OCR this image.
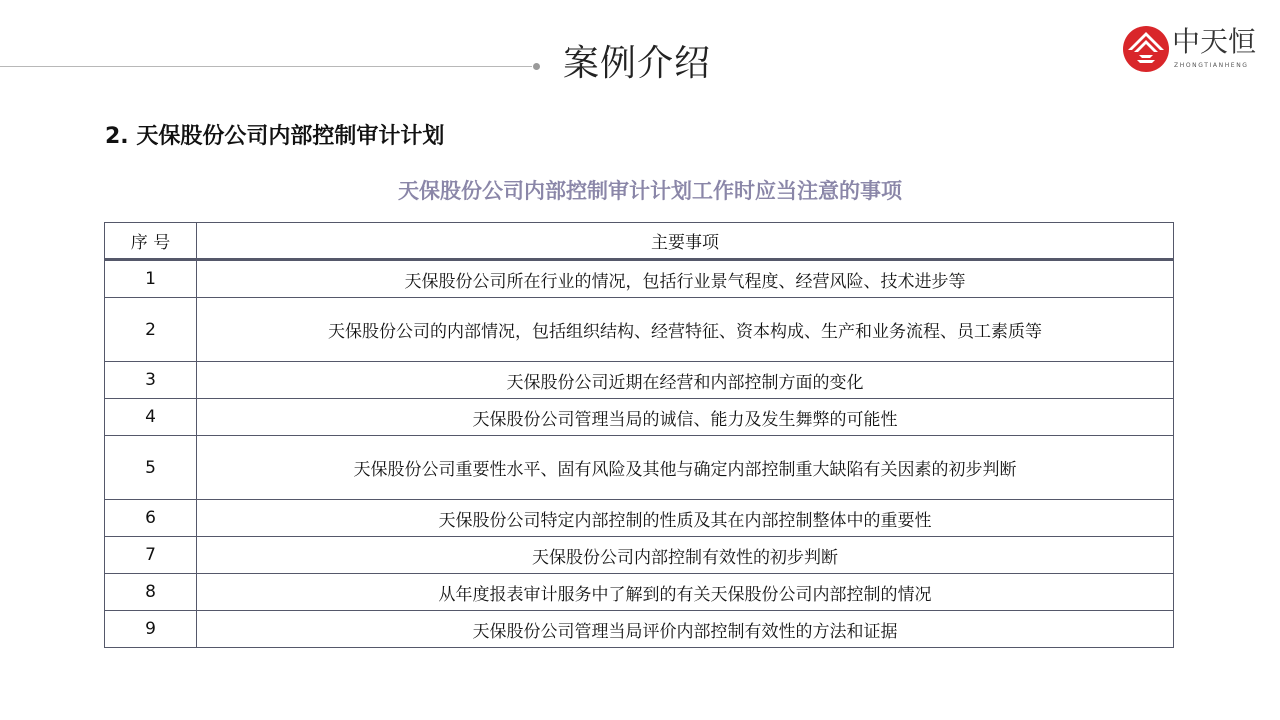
案例介绍
中天恒
ZHONGTIANHENG
2. 天保股份公司内部控制审计计划
天保股份公司内部控制审计计划工作时应当注意的事项
序 号	主要事项
1	天保股份公司所在行业的情况，包括行业景气程度、经营风险、技术进步等
2	天保股份公司的内部情况，包括组织结构、经营特征、资本构成、生产和业务流程、员工素质等
3	天保股份公司近期在经营和内部控制方面的变化
4	天保股份公司管理当局的诚信、能力及发生舞弊的可能性
5	天保股份公司重要性水平、固有风险及其他与确定内部控制重大缺陷有关因素的初步判断
6	天保股份公司特定内部控制的性质及其在内部控制整体中的重要性
7	天保股份公司内部控制有效性的初步判断
8	从年度报表审计服务中了解到的有关天保股份公司内部控制的情况
9	天保股份公司管理当局评价内部控制有效性的方法和证据
